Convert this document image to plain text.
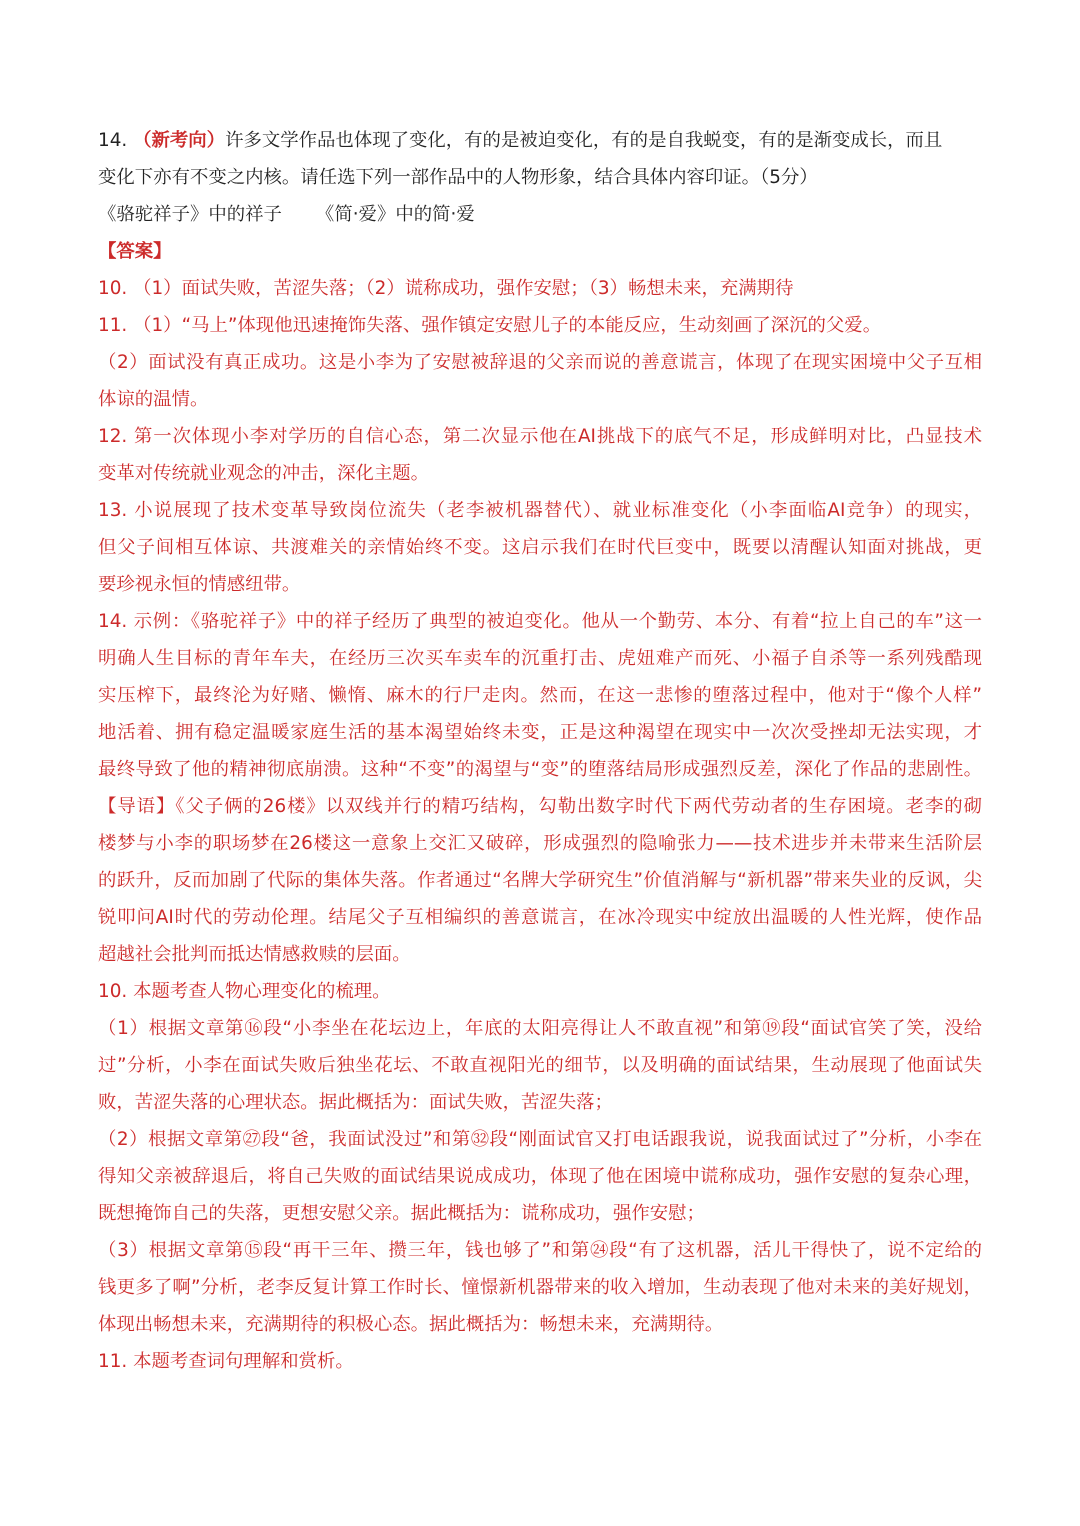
14. （新考向）许多文学作品也体现了变化，有的是被迫变化，有的是自我蜕变，有的是渐变成长，而且
变化下亦有不变之内核。请任选下列一部作品中的人物形象，结合具体内容印证。（5分）
《骆驼祥子》中的祥子 《简·爱》中的简·爱
【答案】
10. （1）面试失败，苦涩失落；（2）谎称成功，强作安慰；（3）畅想未来，充满期待
11. （1）“马上”体现他迅速掩饰失落、强作镇定安慰儿子的本能反应，生动刻画了深沉的父爱。
（2）面试没有真正成功。这是小李为了安慰被辞退的父亲而说的善意谎言，体现了在现实困境中父子互相
体谅的温情。
12. 第一次体现小李对学历的自信心态，第二次显示他在AI挑战下的底气不足，形成鲜明对比，凸显技术
变革对传统就业观念的冲击，深化主题。
13. 小说展现了技术变革导致岗位流失（老李被机器替代）、就业标准变化（小李面临AI竞争）的现实，
但父子间相互体谅、共渡难关的亲情始终不变。这启示我们在时代巨变中，既要以清醒认知面对挑战，更
要珍视永恒的情感纽带。
14. 示例：《骆驼祥子》中的祥子经历了典型的被迫变化。他从一个勤劳、本分、有着“拉上自己的车”这一
明确人生目标的青年车夫，在经历三次买车卖车的沉重打击、虎妞难产而死、小福子自杀等一系列残酷现
实压榨下，最终沦为好赌、懒惰、麻木的行尸走肉。然而，在这一悲惨的堕落过程中，他对于“像个人样”
地活着、拥有稳定温暖家庭生活的基本渴望始终未变，正是这种渴望在现实中一次次受挫却无法实现，才
最终导致了他的精神彻底崩溃。这种“不变”的渴望与“变”的堕落结局形成强烈反差，深化了作品的悲剧性。
【导语】《父子俩的26楼》以双线并行的精巧结构，勾勒出数字时代下两代劳动者的生存困境。老李的砌
楼梦与小李的职场梦在26楼这一意象上交汇又破碎，形成强烈的隐喻张力——技术进步并未带来生活阶层
的跃升，反而加剧了代际的集体失落。作者通过“名牌大学研究生”价值消解与“新机器”带来失业的反讽，尖
锐叩问AI时代的劳动伦理。结尾父子互相编织的善意谎言，在冰冷现实中绽放出温暖的人性光辉，使作品
超越社会批判而抵达情感救赎的层面。
10. 本题考查人物心理变化的梳理。
（1）根据文章第⑯段“小李坐在花坛边上，年底的太阳亮得让人不敢直视”和第⑲段“面试官笑了笑，没给
过”分析，小李在面试失败后独坐花坛、不敢直视阳光的细节，以及明确的面试结果，生动展现了他面试失
败，苦涩失落的心理状态。据此概括为：面试失败，苦涩失落；
（2）根据文章第㉗段“爸，我面试没过”和第㉜段“刚面试官又打电话跟我说，说我面试过了”分析，小李在
得知父亲被辞退后，将自己失败的面试结果说成成功，体现了他在困境中谎称成功，强作安慰的复杂心理，
既想掩饰自己的失落，更想安慰父亲。据此概括为：谎称成功，强作安慰；
（3）根据文章第⑮段“再干三年、攒三年，钱也够了”和第㉔段“有了这机器，活儿干得快了，说不定给的
钱更多了啊”分析，老李反复计算工作时长、憧憬新机器带来的收入增加，生动表现了他对未来的美好规划，
体现出畅想未来，充满期待的积极心态。据此概括为：畅想未来，充满期待。
11. 本题考查词句理解和赏析。
